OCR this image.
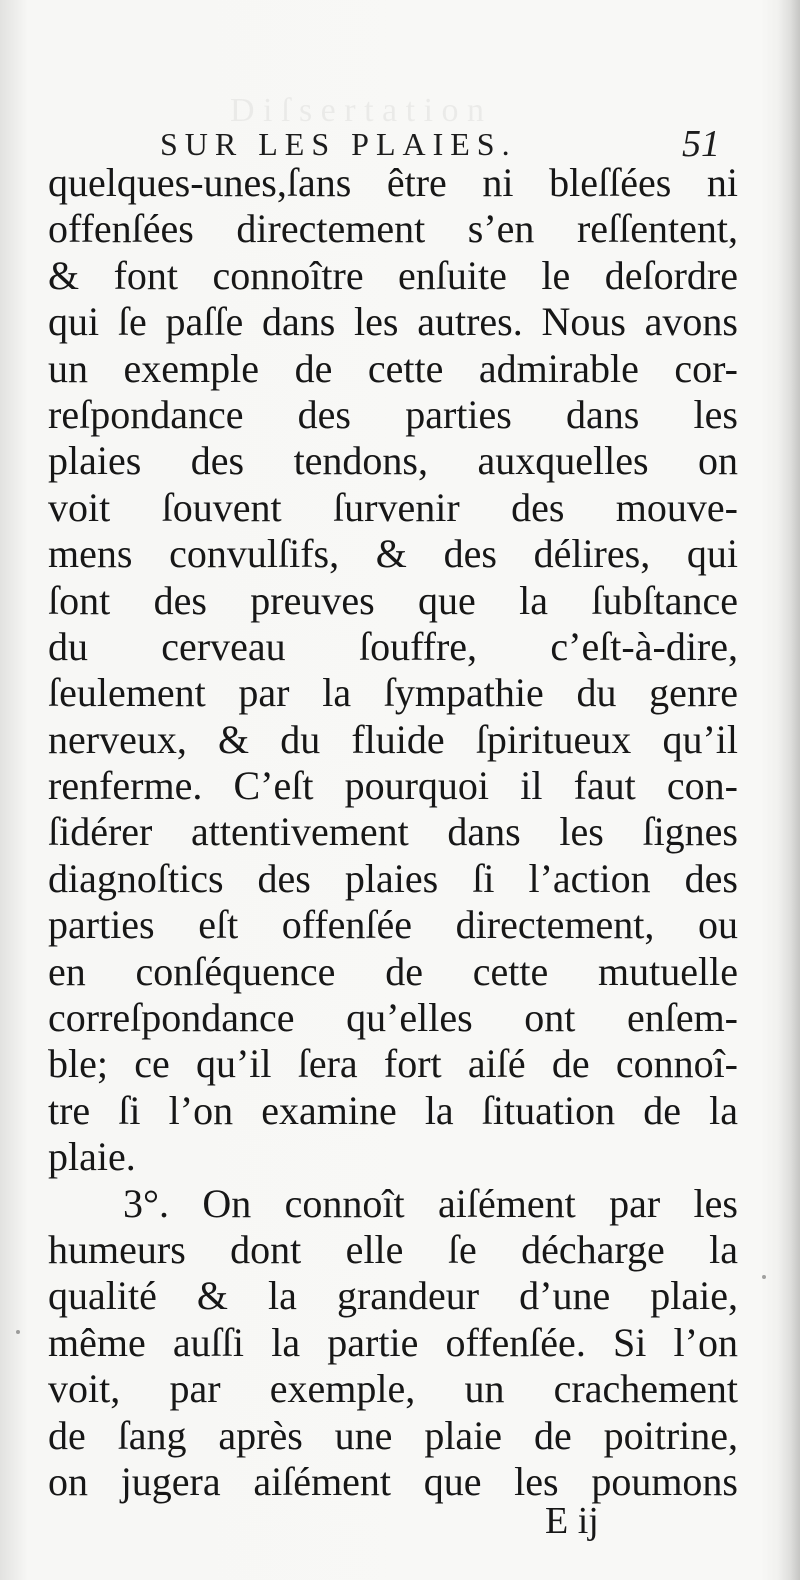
D i ſ s e r t a t i o n
SUR LES PLAIES.	51
quelques-unes,ſans être ni bleſſées ni
offenſées directement s’en reſſentent,
& font connoître enſuite le deſordre
qui ſe paſſe dans les autres. Nous avons
un exemple de cette admirable cor-
reſpondance des parties dans les
plaies des tendons, auxquelles on
voit ſouvent ſurvenir des mouve-
mens convulſifs, & des délires, qui
ſont des preuves que la ſubſtance
du cerveau ſouffre, c’eſt-à-dire,
ſeulement par la ſympathie du genre
nerveux, & du fluide ſpiritueux qu’il
renferme. C’eſt pourquoi il faut con-
ſidérer attentivement dans les ſignes
diagnoſtics des plaies ſi l’action des
parties eſt offenſée directement, ou
en conſéquence de cette mutuelle
correſpondance qu’elles ont enſem-
ble; ce qu’il ſera fort aiſé de connoî-
tre ſi l’on examine la ſituation de la
plaie.
3°. On connoît aiſément par les
humeurs dont elle ſe décharge la
qualité & la grandeur d’une plaie,
même auſſi la partie offenſée. Si l’on
voit, par exemple, un crachement
de ſang après une plaie de poitrine,
on jugera aiſément que les poumons
E ij
